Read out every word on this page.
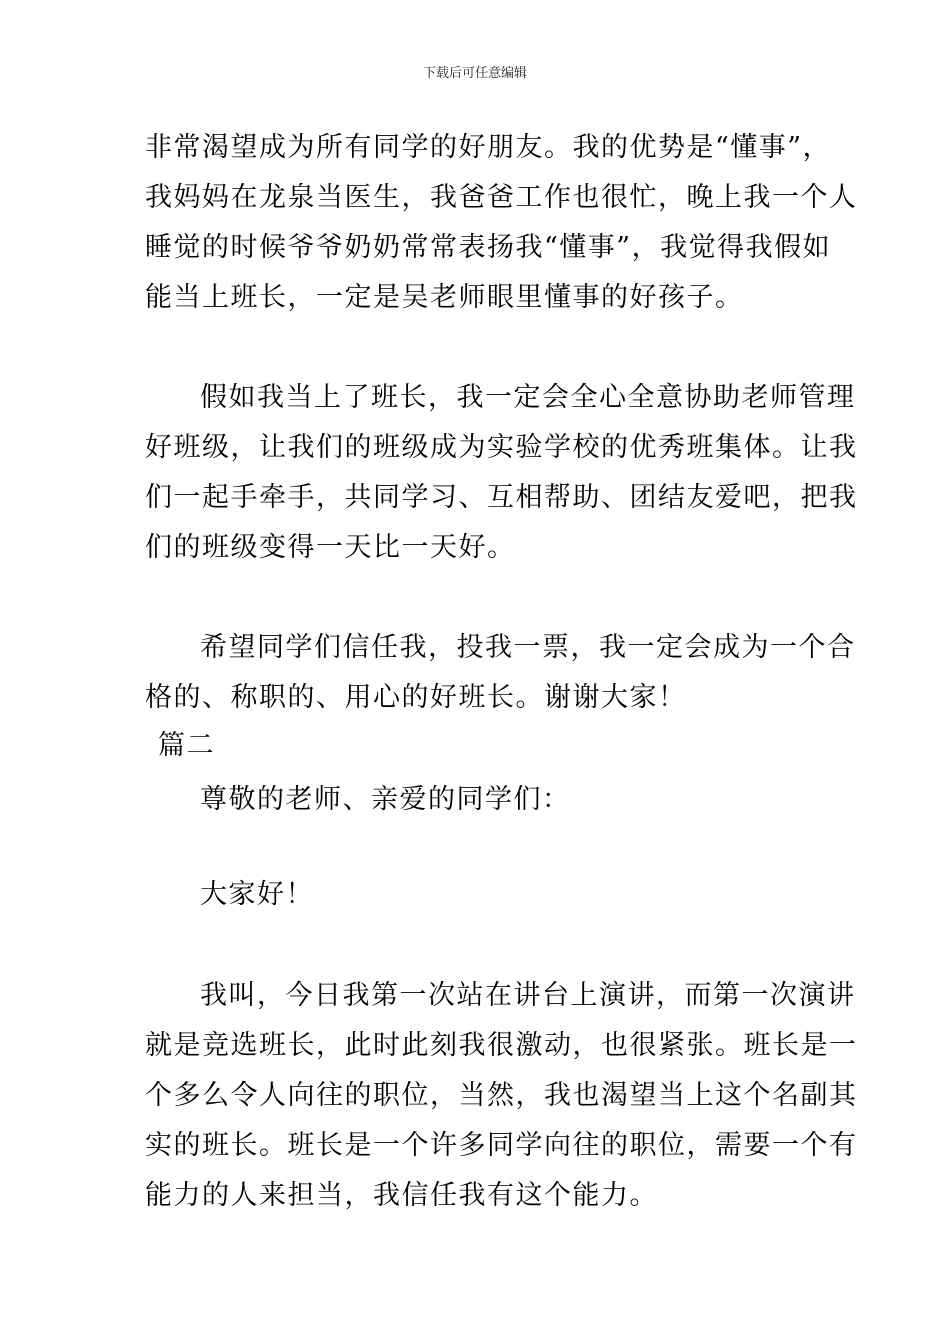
下载后可任意编辑
非常渴望成为所有同学的好朋友。我的优势是“懂事”，
我妈妈在龙泉当医生，我爸爸工作也很忙，晚上我一个人
睡觉的时候爷爷奶奶常常表扬我“懂事”，我觉得我假如
能当上班长，一定是吴老师眼里懂事的好孩子。
假如我当上了班长，我一定会全心全意协助老师管理
好班级，让我们的班级成为实验学校的优秀班集体。让我
们一起手牵手，共同学习、互相帮助、团结友爱吧，把我
们的班级变得一天比一天好。
希望同学们信任我，投我一票，我一定会成为一个合
格的、称职的、用心的好班长。谢谢大家！
篇二
尊敬的老师、亲爱的同学们：
大家好！
我叫，今日我第一次站在讲台上演讲，而第一次演讲
就是竞选班长，此时此刻我很激动，也很紧张。班长是一
个多么令人向往的职位，当然，我也渴望当上这个名副其
实的班长。班长是一个许多同学向往的职位，需要一个有
能力的人来担当，我信任我有这个能力。
